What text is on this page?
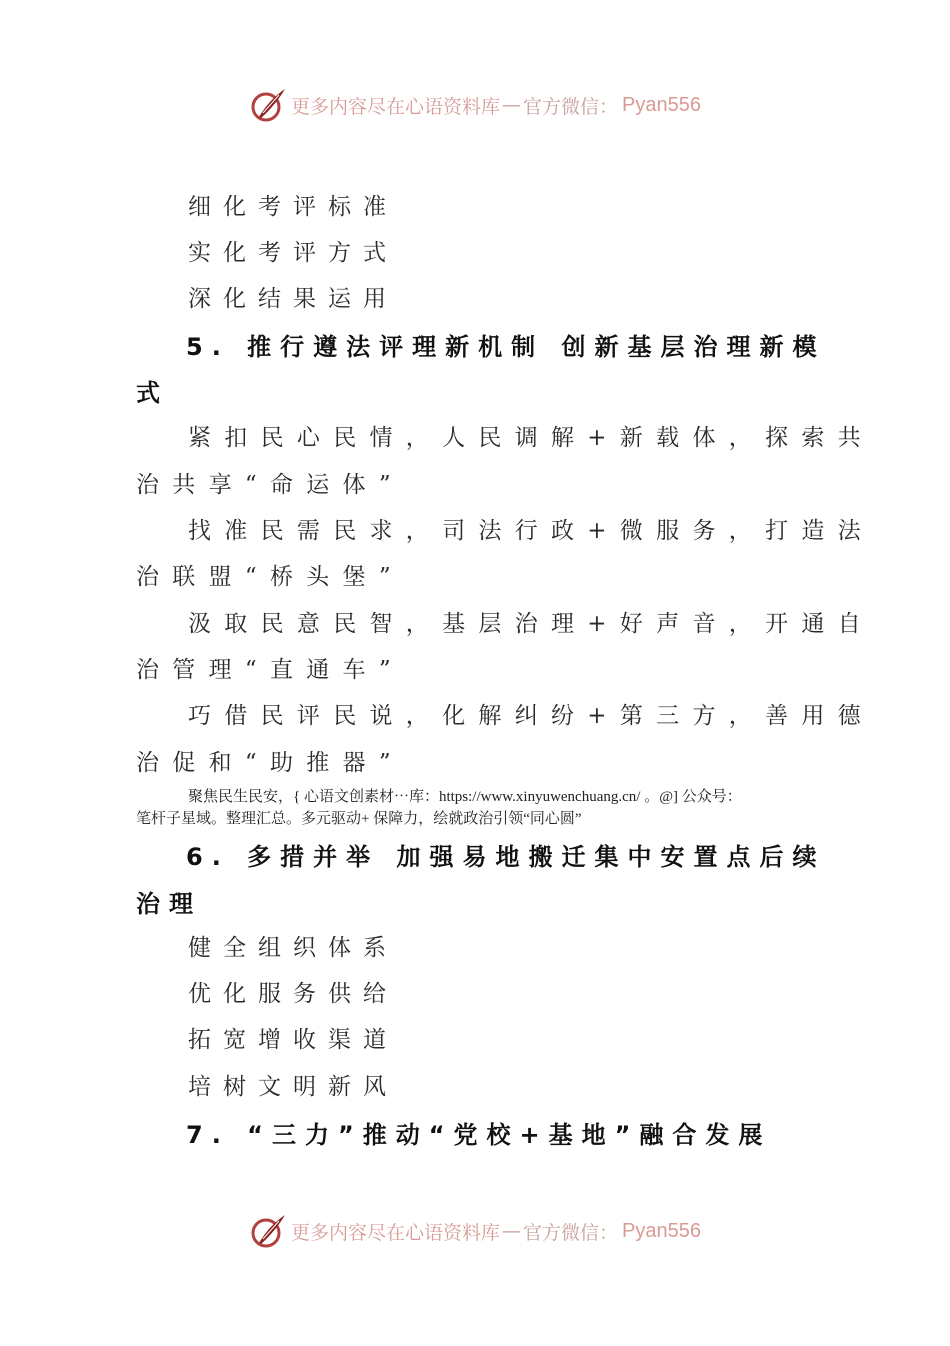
更多内容尽在心语资料库 — 官方微信： Pyan556
细化考评标准
实化考评方式
深化结果运用
5. 推行遵法评理新机制 创新基层治理新模
式
紧扣民心民情，人民调解+新载体，探索共
治共享“命运体”
找准民需民求，司法行政+微服务，打造法
治联盟“桥头堡”
汲取民意民智，基层治理+好声音，开通自
治管理“直通车”
巧借民评民说，化解纠纷+第三方，善用德
治促和“助推器”
聚焦民生民安，{ 心语文创素材⋯库：https://www.xinyuwenchuang.cn/ 。@] 公众号：
笔杆子星域。整理汇总。多元驱动+ 保障力，绘就政治引领“同心圆”
6. 多措并举 加强易地搬迁集中安置点后续
治理
健全组织体系
优化服务供给
拓宽增收渠道
培树文明新风
7. “三力”推动“党校+基地”融合发展
更多内容尽在心语资料库 — 官方微信： Pyan556
